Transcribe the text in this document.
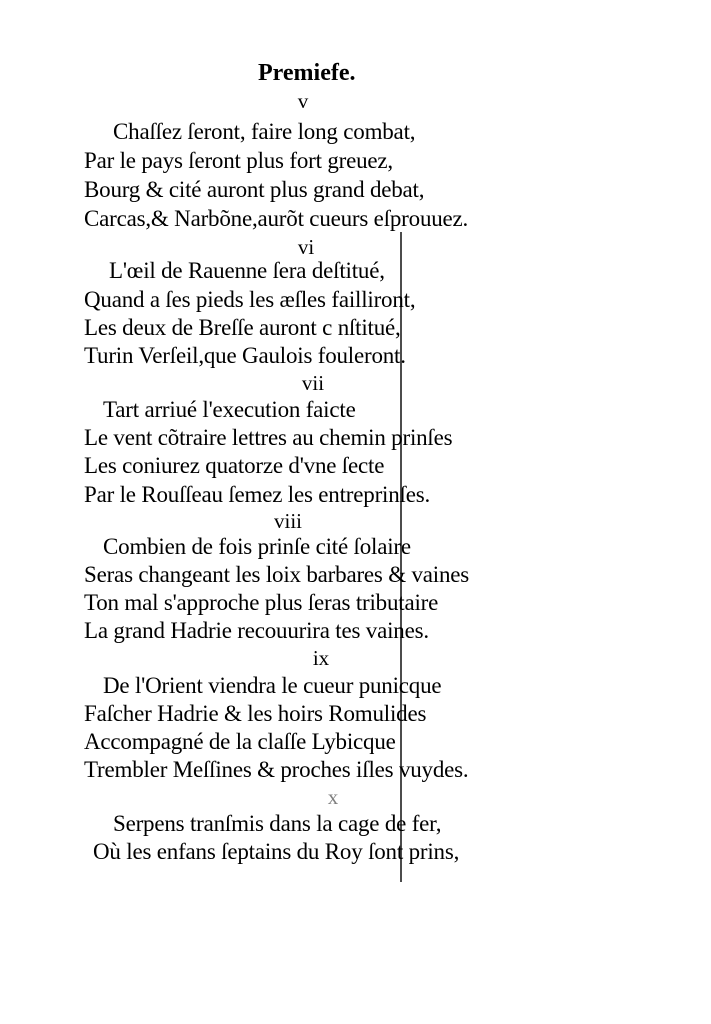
Premiefe.
v
Chaſſez ſeront, faire long combat,
Par le pays ſeront plus fort greuez,
Bourg & cité auront plus grand debat,
Carcas,& Narbõne,aurõt cueurs eſprouuez.
vi
L'œil de Rauenne ſera deſtitué,
Quand a ſes pieds les æſles failliront,
Les deux de Breſſe auront c nſtitué,
Turin Verſeil,que Gaulois fouleront.
vii
Tart arriué l'execution faicte
Le vent cõtraire lettres au chemin prinſes
Les coniurez quatorze d'vne ſecte
Par le Rouſſeau ſemez les entreprinſes.
viii
Combien de fois prinſe cité ſolaire
Seras changeant les loix barbares & vaines
Ton mal s'approche plus ſeras tributaire
La grand Hadrie recouurira tes vaines.
ix
De l'Orient viendra le cueur punicque
Faſcher Hadrie & les hoirs Romulides
Accompagné de la claſſe Lybicque
Trembler Meſſines & proches iſles vuydes.
x
Serpens tranſmis dans la cage de fer,
Où les enfans ſeptains du Roy ſont prins,
